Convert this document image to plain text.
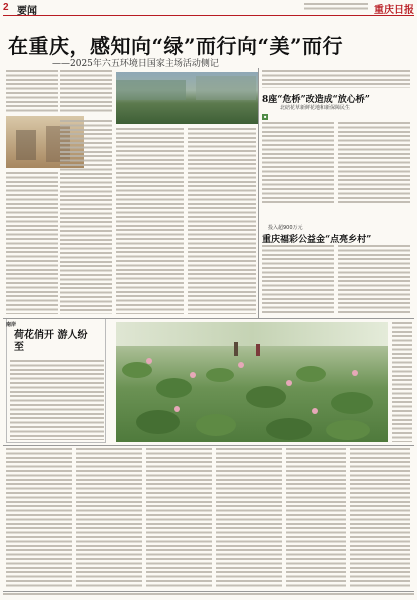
2 要闻	重庆日报
在重庆，感知向“绿”而行向“美”而行
——2025年六五环境日国家主场活动侧记
8座“危桥”改造成“放心桥”
北碚花草新鲜花地和新保障民生
■
投入超900万元
重庆福彩公益金“点亮乡村”
南岸
荷花俏开 游人纷至
